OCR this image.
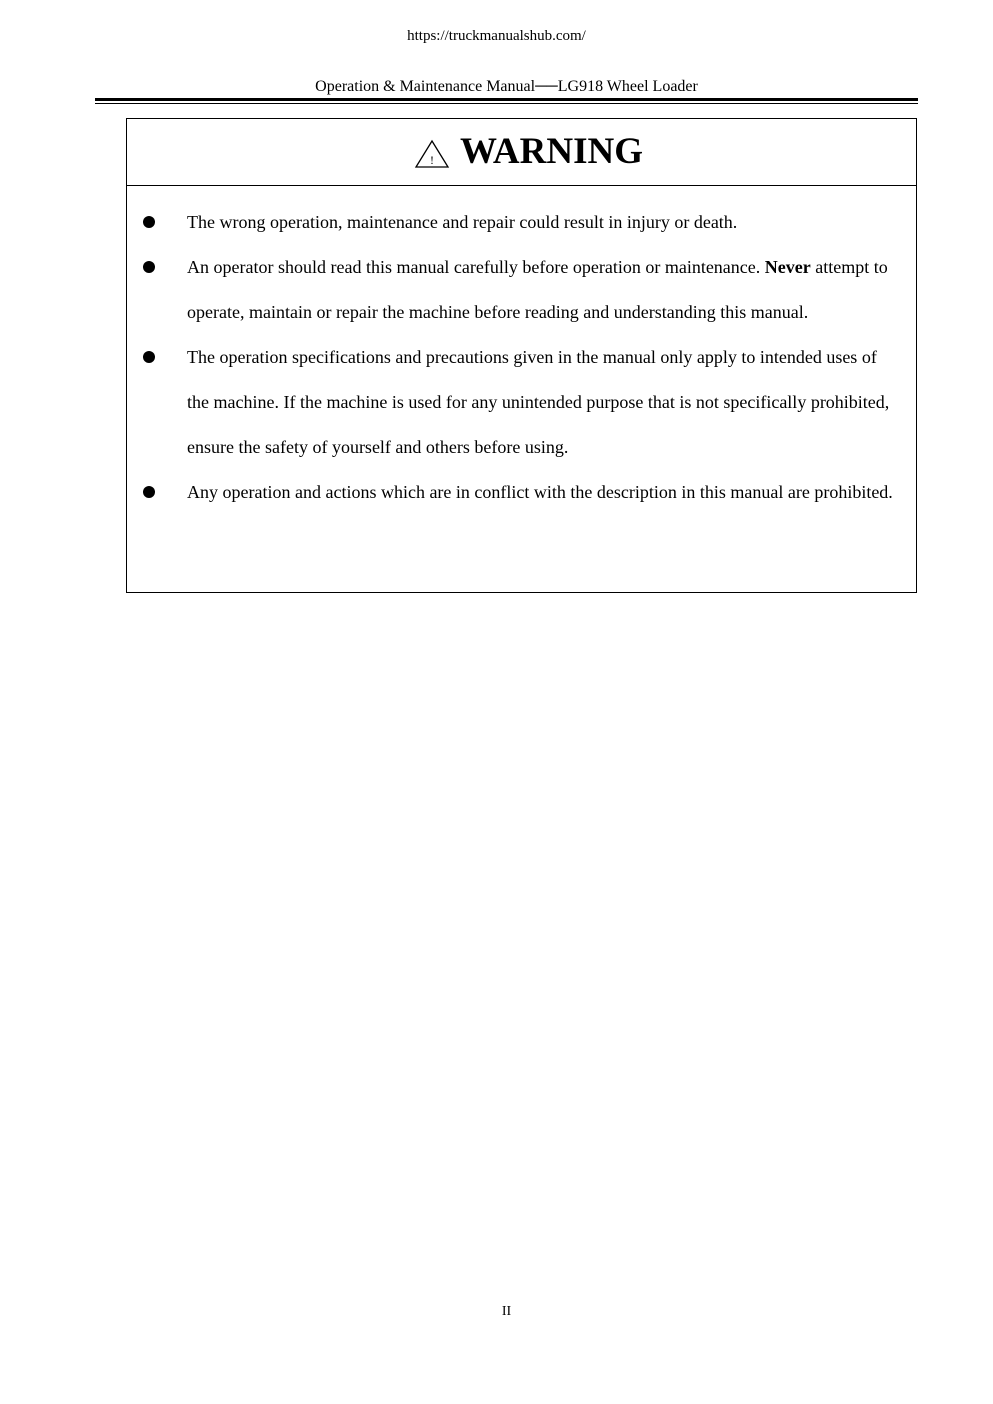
https://truckmanualshub.com/
Operation & Maintenance Manual──LG918 Wheel Loader
! WARNING
The wrong operation, maintenance and repair could result in injury or death.
An operator should read this manual carefully before operation or maintenance. Never attempt to operate, maintain or repair the machine before reading and understanding this manual.
The operation specifications and precautions given in the manual only apply to intended uses of the machine. If the machine is used for any unintended purpose that is not specifically prohibited, ensure the safety of yourself and others before using.
Any operation and actions which are in conflict with the description in this manual are prohibited.
II
